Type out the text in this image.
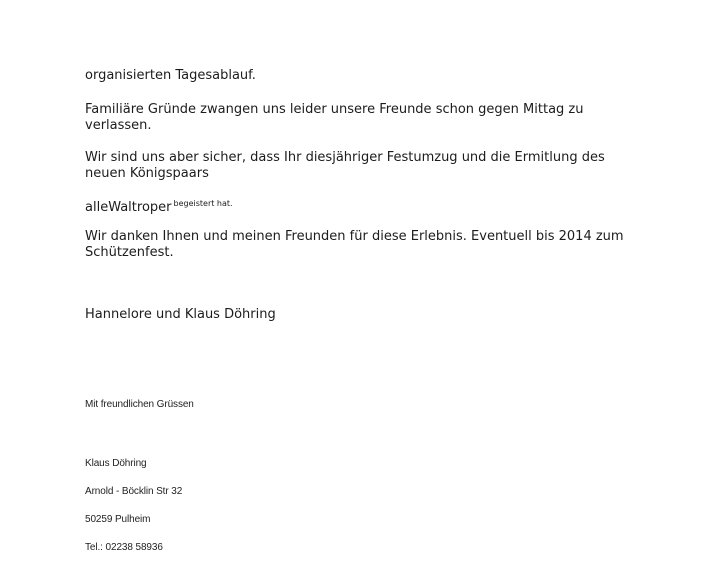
organisierten Tagesablauf.

Familiäre Gründe zwangen uns leider unsere Freunde schon gegen Mittag zu

verlassen.

Wir sind uns aber sicher, dass Ihr diesjähriger Festumzug und die Ermitlung des

neuen Königspaars

alleWaltroper $^{begeistert hat.}$

Wir danken Ihnen und meinen Freunden für diese Erlebnis. Eventuell bis 2014 zum

Schützenfest.

Hannelore und Klaus Döhring

Mit freundlichen Grüssen
Klaus Döhring
Arnold - Böcklin Str 32
50259 Pulheim
Tel.: 02238 58936
